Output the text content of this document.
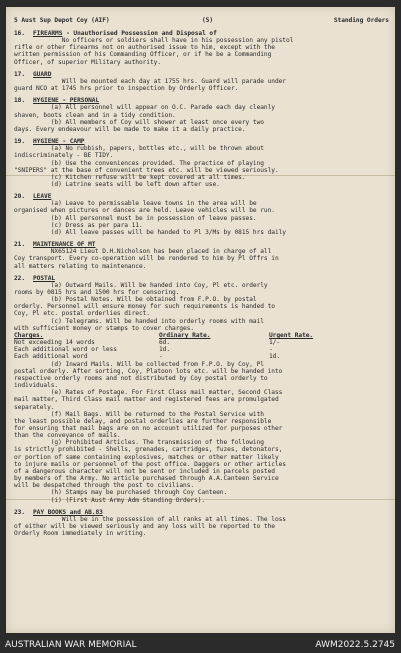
5 Aust Sup Depot Coy (AIF)	(5)	Standing Orders
16. FIREARMS - Unauthorised Possession and Disposal of
No officers or soldiers shall have in his possession any pistol
rifle or other firearms not on authorised issue to him, except with the
written permission of his Commanding Officer, or if he be a Commanding
Officer, of superior Military authority.
17. GUARD
Will be mounted each day at 1755 hrs. Guard will parade under
guard NCO at 1745 hrs prior to inspection by Orderly Officer.
18. HYGIENE - PERSONAL
(a) All personnel will appear on O.C. Parade each day cleanly
shaven, boots clean and in a tidy condition.
(b) All members of Coy will shower at least once every two
days. Every endeavour will be made to make it a daily practice.
19. HYGIENE - CAMP
(a) No rubbish, papers, bottles etc., will be thrown about
indiscriminately - BE TIDY.
(b) Use the conveniences provided. The practice of playing
"SNIPERS" at the base of convenient trees etc. will be viewed seriously.
(c) Kitchen refuse will be kept covered at all times.
(d) Latrine seats will be left down after use.
20. LEAVE
(a) Leave to permissable leave towns in the area will be
organised when pictures or dances are held. Leave vehicles will be run.
(b) All personnel must be in possession of leave passes.
(c) Dress as per para 11.
(d) All leave passes will be handed to Pl 3/Ms by 0815 hrs daily
21. MAINTENANCE OF MT
NX65124 Lieut D.H.Nicholson has been placed in charge of all
Coy transport. Every co-operation will be rendered to him by Pl Offrs in
all matters relating to maintenance.
22. POSTAL
(a) Outward Mails. Will be handed into Coy, Pl etc. orderly
rooms by 0815 hrs and 1500 hrs for censoring.
(b) Postal Notes. Will be obtained from F.P.O. by postal
orderly. Personnel will ensure money for such requirements is handed to
Coy, Pl etc. postal orderlies direct.
(c) Telegrams. Will be handed into orderly rooms with mail
with sufficient money or stamps to cover charges.
Charges.	Ordinary Rate.	Urgent Rate.
Not exceeding 14 words	6d.	1/-
Each additional word or less	1d.	-
Each additional word	-	1d.
(d) Inward Mails. Will be collected from F.P.O. by Coy, Pl
postal orderly. After sorting, Coy, Platoon lots etc. will be handed into
respective orderly rooms and not distributed by Coy postal orderly to
individuals.
(e) Rates of Postage. For First Class mail matter, Second Class
mail matter, Third Class mail matter and registered fees are promulgated
separately.
(f) Mail Bags. Will be returned to the Postal Service with
the least possible delay, and postal orderlies are further responsible
for ensuring that mail bags are on no account utilized for purposes other
than the conveyance of mails.
(g) Prohibited Articles. The transmission of the following
is strictly prohibited - Shells, grenades, cartridges, fuzes, detonators,
or portion of same containing explosives, matches or other matter likely
to injure mails or personnel of the post office. Daggers or other articles
of a dangerous character will not be sent or included in parcels posted
by members of the Army. No article purchased through A.A.Canteen Service
will be despatched through the post to civilians.
(h) Stamps may be purchased through Coy Canteen.
(i) (First Aust Army Adm Standing Orders).
23. PAY BOOKS and AB.83
Will be in the possession of all ranks at all times. The loss
of either will be viewed seriously and any loss will be reported to the
Orderly Room immediately in writing.
AUSTRALIAN WAR MEMORIAL	AWM2022.5.2745
